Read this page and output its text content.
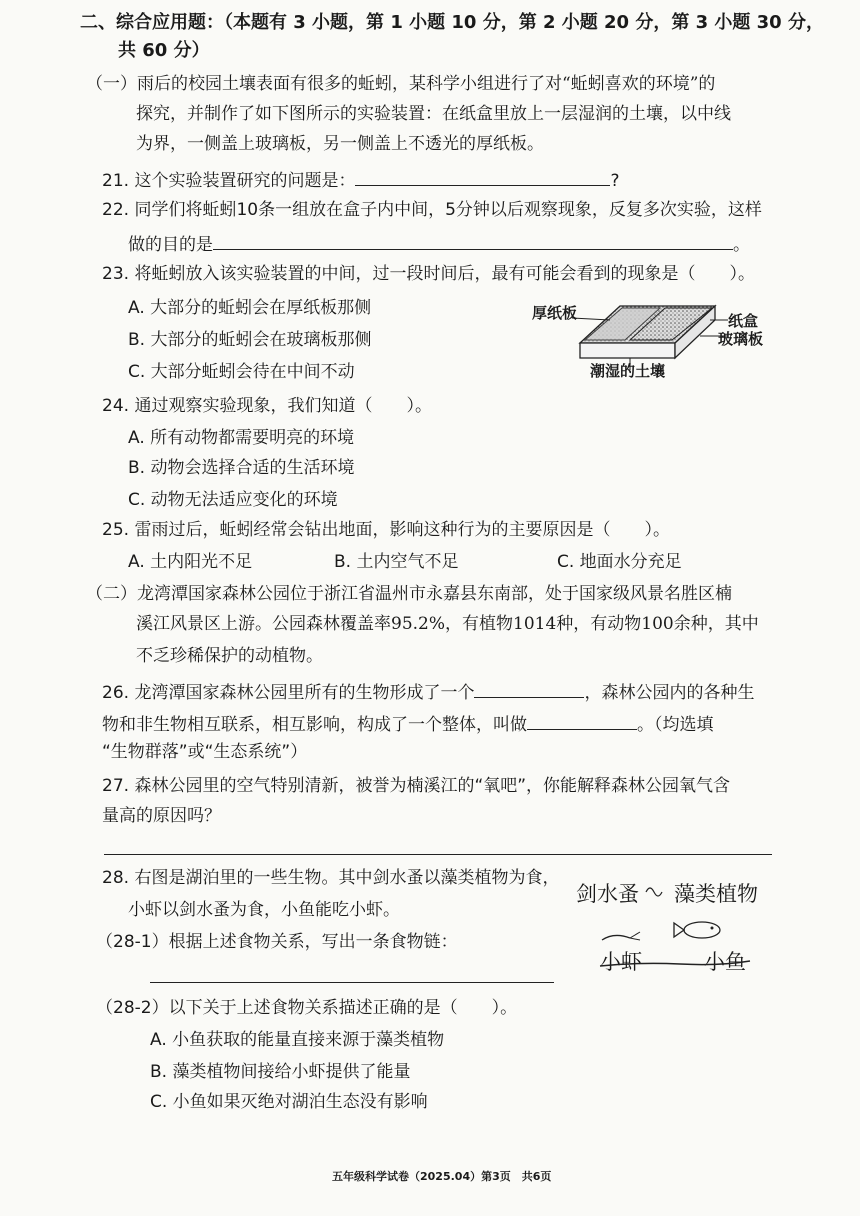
二、综合应用题：（本题有 3 小题，第 1 小题 10 分，第 2 小题 20 分，第 3 小题 30 分，
共 60 分）
（一）雨后的校园土壤表面有很多的蚯蚓，某科学小组进行了对“蚯蚓喜欢的环境”的
探究，并制作了如下图所示的实验装置：在纸盒里放上一层湿润的土壤，以中线
为界，一侧盖上玻璃板，另一侧盖上不透光的厚纸板。
21. 这个实验装置研究的问题是：	?
22. 同学们将蚯蚓10条一组放在盒子内中间，5分钟以后观察现象，反复多次实验，这样
做的目的是	。
23. 将蚯蚓放入该实验装置的中间，过一段时间后，最有可能会看到的现象是（　　）。
A. 大部分的蚯蚓会在厚纸板那侧
B. 大部分的蚯蚓会在玻璃板那侧
C. 大部分蚯蚓会待在中间不动
厚纸板	纸盒
玻璃板
潮湿的土壤
24. 通过观察实验现象，我们知道（　　）。
A. 所有动物都需要明亮的环境
B. 动物会选择合适的生活环境
C. 动物无法适应变化的环境
25. 雷雨过后，蚯蚓经常会钻出地面，影响这种行为的主要原因是（　　）。
A. 土内阳光不足	B. 土内空气不足	C. 地面水分充足
（二）龙湾潭国家森林公园位于浙江省温州市永嘉县东南部，处于国家级风景名胜区楠
溪江风景区上游。公园森林覆盖率95.2%，有植物1014种，有动物100余种，其中
不乏珍稀保护的动植物。
26. 龙湾潭国家森林公园里所有的生物形成了一个	，森林公园内的各种生
物和非生物相互联系，相互影响，构成了一个整体，叫做	。（均选填
“生物群落”或“生态系统”）
27. 森林公园里的空气特别清新，被誉为楠溪江的“氧吧”，你能解释森林公园氧气含
量高的原因吗？
28. 右图是湖泊里的一些生物。其中剑水蚤以藻类植物为食，
小虾以剑水蚤为食，小鱼能吃小虾。
（28-1）根据上述食物关系，写出一条食物链：
（28-2）以下关于上述食物关系描述正确的是（　　）。
A. 小鱼获取的能量直接来源于藻类植物
B. 藻类植物间接给小虾提供了能量
C. 小鱼如果灭绝对湖泊生态没有影响
剑水蚤 藻类植物
小虾	小鱼
五年级科学试卷（2025.04）第3页　共6页
